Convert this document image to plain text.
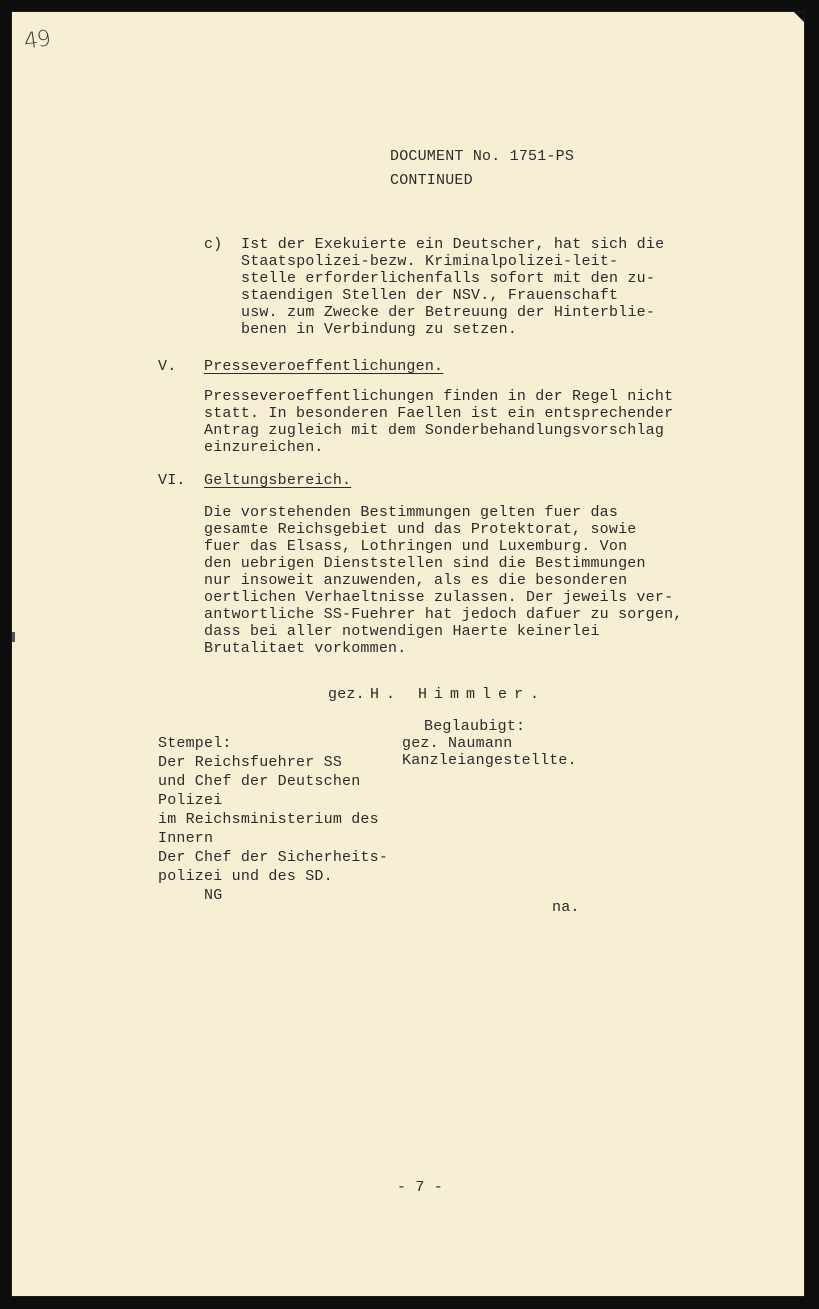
49
DOCUMENT No. 1751-PS
CONTINUED
c) Ist der Exekuierte ein Deutscher, hat sich die
Staatspolizei-bezw. Kriminalpolizei-leit-
stelle erforderlichenfalls sofort mit den zu-
staendigen Stellen der NSV., Frauenschaft
usw. zum Zwecke der Betreuung der Hinterblie-
benen in Verbindung zu setzen.
V. Presseveroeffentlichungen.
Presseveroeffentlichungen finden in der Regel nicht
statt. In besonderen Faellen ist ein entsprechender
Antrag zugleich mit dem Sonderbehandlungsvorschlag
einzureichen.
VI. Geltungsbereich.
Die vorstehenden Bestimmungen gelten fuer das
gesamte Reichsgebiet und das Protektorat, sowie
fuer das Elsass, Lothringen und Luxemburg. Von
den uebrigen Dienststellen sind die Bestimmungen
nur insoweit anzuwenden, als es die besonderen
oertlichen Verhaeltnisse zulassen. Der jeweils ver-
antwortliche SS-Fuehrer hat jedoch dafuer zu sorgen,
dass bei aller notwendigen Haerte keinerlei
Brutalitaet vorkommen.
gez. H. Himmler.
Beglaubigt:
gez. Naumann
Kanzleiangestellte.
Stempel:
Der Reichsfuehrer SS
und Chef der Deutschen
Polizei
im Reichsministerium des
Innern
Der Chef der Sicherheits-
polizei und des SD.
NG
na.
- 7 -
